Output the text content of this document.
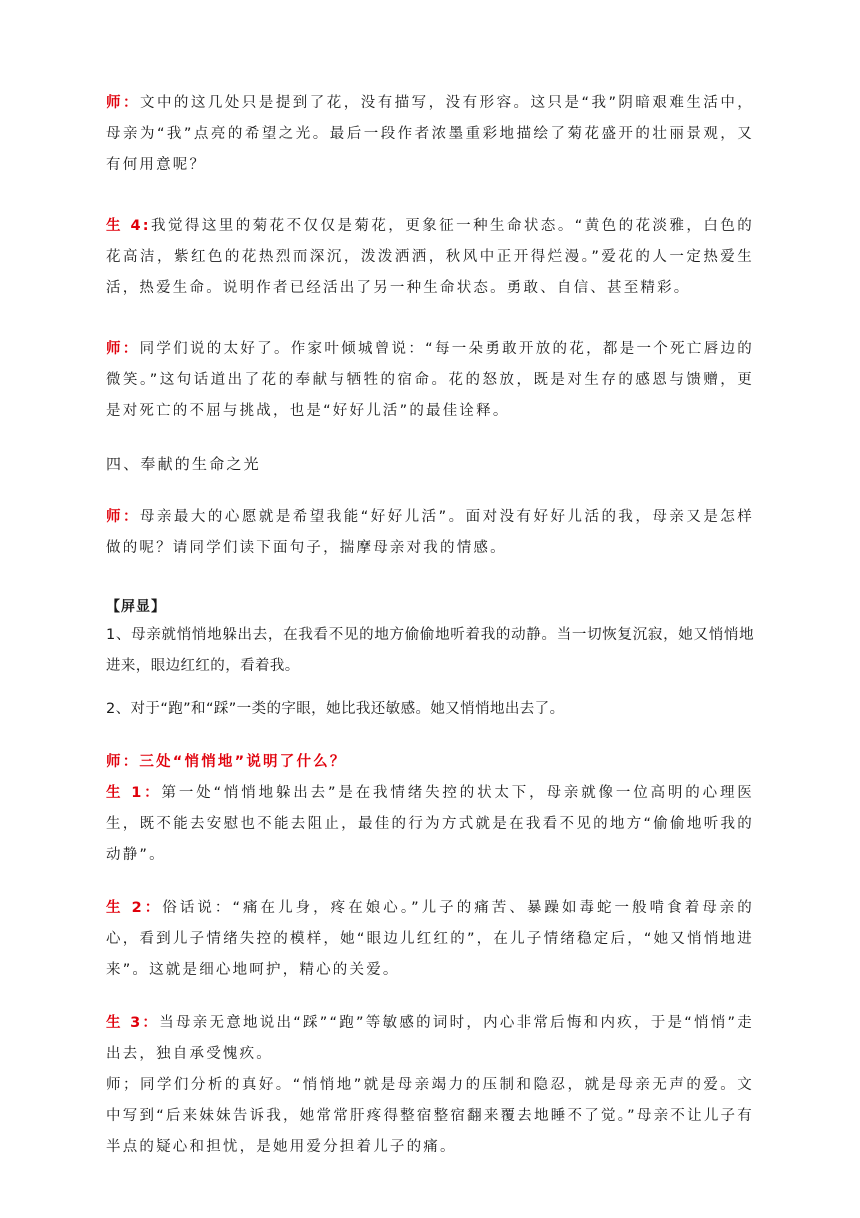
师：文中的这几处只是提到了花，没有描写，没有形容。这只是“我”阴暗艰难生活中，母亲为“我”点亮的希望之光。最后一段作者浓墨重彩地描绘了菊花盛开的壮丽景观，又有何用意呢？

生 4:我觉得这里的菊花不仅仅是菊花，更象征一种生命状态。“黄色的花淡雅，白色的花高洁，紫红色的花热烈而深沉，泼泼洒洒，秋风中正开得烂漫。”爱花的人一定热爱生活，热爱生命。说明作者已经活出了另一种生命状态。勇敢、自信、甚至精彩。

师：同学们说的太好了。作家叶倾城曾说：“每一朵勇敢开放的花，都是一个死亡唇边的微笑。”这句话道出了花的奉献与牺牲的宿命。花的怒放，既是对生存的感恩与馈赠，更是对死亡的不屈与挑战，也是“好好儿活”的最佳诠释。

四、奉献的生命之光

师：母亲最大的心愿就是希望我能“好好儿活”。面对没有好好儿活的我，母亲又是怎样做的呢？请同学们读下面句子，揣摩母亲对我的情感。

【屏显】

1、母亲就悄悄地躲出去，在我看不见的地方偷偷地听着我的动静。当一切恢复沉寂，她又悄悄地进来，眼边红红的，看着我。

2、对于“跑”和“踩”一类的字眼，她比我还敏感。她又悄悄地出去了。

师：三处“悄悄地”说明了什么？

生 1：第一处“悄悄地躲出去”是在我情绪失控的状太下，母亲就像一位高明的心理医生，既不能去安慰也不能去阻止，最佳的行为方式就是在我看不见的地方“偷偷地听我的动静”。

生 2：俗话说：“痛在儿身，疼在娘心。”儿子的痛苦、暴躁如毒蛇一般啃食着母亲的心，看到儿子情绪失控的模样，她“眼边儿红红的”，在儿子情绪稳定后，“她又悄悄地进来”。这就是细心地呵护，精心的关爱。

生 3：当母亲无意地说出“踩”“跑”等敏感的词时，内心非常后悔和内疚，于是“悄悄”走出去，独自承受愧疚。

师；同学们分析的真好。“悄悄地”就是母亲竭力的压制和隐忍，就是母亲无声的爱。文中写到“后来妹妹告诉我，她常常肝疼得整宿整宿翻来覆去地睡不了觉。”母亲不让儿子有半点的疑心和担忧，是她用爱分担着儿子的痛。
